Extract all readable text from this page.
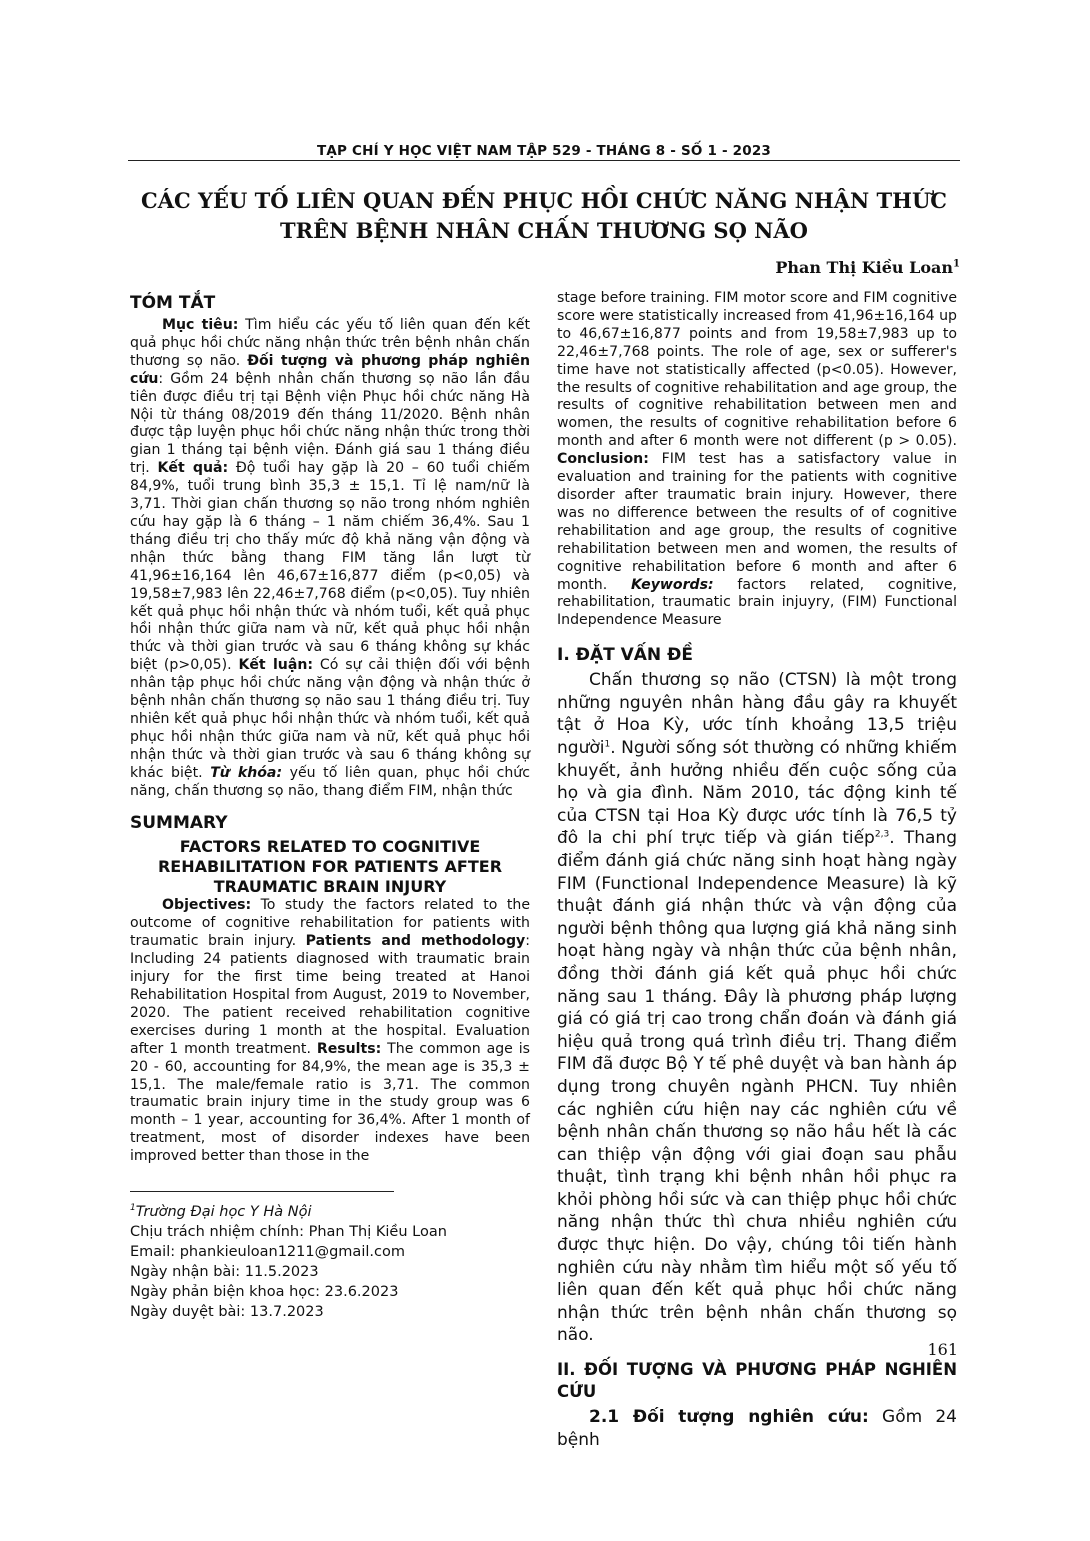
TẠP CHÍ Y HỌC VIỆT NAM TẬP 529 - THÁNG 8 - SỐ 1 - 2023
CÁC YẾU TỐ LIÊN QUAN ĐẾN PHỤC HỒI CHỨC NĂNG NHẬN THỨC
TRÊN BỆNH NHÂN CHẤN THƯƠNG SỌ NÃO
Phan Thị Kiều Loan$^1$
TÓM TẮT

Mục tiêu: Tìm hiểu các yếu tố liên quan đến kết quả phục hồi chức năng nhận thức trên bệnh nhân chấn thương sọ não. Đối tượng và phương pháp nghiên cứu: Gồm 24 bệnh nhân chấn thương sọ não lần đầu tiên được điều trị tại Bệnh viện Phục hồi chức năng Hà Nội từ tháng 08/2019 đến tháng 11/2020. Bệnh nhân được tập luyện phục hồi chức năng nhận thức trong thời gian 1 tháng tại bệnh viện. Đánh giá sau 1 tháng điều trị. Kết quả: Độ tuổi hay gặp là 20 – 60 tuổi chiếm 84,9%, tuổi trung bình 35,3 ± 15,1. Tỉ lệ nam/nữ là 3,71. Thời gian chấn thương sọ não trong nhóm nghiên cứu hay gặp là 6 tháng – 1 năm chiếm 36,4%. Sau 1 tháng điều trị cho thấy mức độ khả năng vận động và nhận thức bằng thang FIM tăng lần lượt từ 41,96±16,164 lên 46,67±16,877 điểm (p<0,05) và 19,58±7,983 lên 22,46±7,768 điểm (p<0,05). Tuy nhiên kết quả phục hồi nhận thức và nhóm tuổi, kết quả phục hồi nhận thức giữa nam và nữ, kết quả phục hồi nhận thức và thời gian trước và sau 6 tháng không sự khác biệt (p>0,05). Kết luận: Có sự cải thiện đối với bệnh nhân tập phục hồi chức năng vận động và nhận thức ở bệnh nhân chấn thương sọ não sau 1 tháng điều trị. Tuy nhiên kết quả phục hồi nhận thức và nhóm tuổi, kết quả phục hồi nhận thức giữa nam và nữ, kết quả phục hồi nhận thức và thời gian trước và sau 6 tháng không sự khác biệt. Từ khóa: yếu tố liên quan, phục hồi chức năng, chấn thương sọ não, thang điểm FIM, nhận thức

SUMMARY

FACTORS RELATED TO COGNITIVE

REHABILITATION FOR PATIENTS AFTER

TRAUMATIC BRAIN INJURY

Objectives: To study the factors related to the outcome of cognitive rehabilitation for patients with traumatic brain injury. Patients and methodology: Including 24 patients diagnosed with traumatic brain injury for the first time being treated at Hanoi Rehabilitation Hospital from August, 2019 to November, 2020. The patient received rehabilitation cognitive exercises during 1 month at the hospital. Evaluation after 1 month treatment. Results: The common age is 20 - 60, accounting for 84,9%, the mean age is 35,3 ± 15,1. The male/female ratio is 3,71. The common traumatic brain injury time in the study group was 6 month – 1 year, accounting for 36,4%. After 1 month of treatment, most of disorder indexes have been improved better than those in the

$^1$Trường Đại học Y Hà Nội
Chịu trách nhiệm chính: Phan Thị Kiều Loan
Email: phankieuloan1211@gmail.com
Ngày nhận bài: 11.5.2023
Ngày phản biện khoa học: 23.6.2023
Ngày duyệt bài: 13.7.2023

stage before training. FIM motor score and FIM cognitive score were statistically increased from 41,96±16,164 up to 46,67±16,877 points and from 19,58±7,983 up to 22,46±7,768 points. The role of age, sex or sufferer's time have not statistically affected (p<0.05). However, the results of cognitive rehabilitation and age group, the results of cognitive rehabilitation between men and women, the results of cognitive rehabilitation before 6 month and after 6 month were not different (p > 0.05). Conclusion: FIM test has a satisfactory value in evaluation and training for the patients with cognitive disorder after traumatic brain injury. However, there was no difference between the results of of cognitive rehabilitation and age group, the results of cognitive rehabilitation between men and women, the results of cognitive rehabilitation before 6 month and after 6 month. Keywords: factors related, cognitive, rehabilitation, traumatic brain injuyry, (FIM) Functional Independence Measure

I. ĐẶT VẤN ĐỀ

Chấn thương sọ não (CTSN) là một trong những nguyên nhân hàng đầu gây ra khuyết tật ở Hoa Kỳ, ước tính khoảng 13,5 triệu người$^1$. Người sống sót thường có những khiếm khuyết, ảnh hưởng nhiều đến cuộc sống của họ và gia đình. Năm 2010, tác động kinh tế của CTSN tại Hoa Kỳ được ước tính là 76,5 tỷ đô la chi phí trực tiếp và gián tiếp$^{2,3}$. Thang điểm đánh giá chức năng sinh hoạt hàng ngày FIM (Functional Independence Measure) là kỹ thuật đánh giá nhận thức và vận động của người bệnh thông qua lượng giá khả năng sinh hoạt hàng ngày và nhận thức của bệnh nhân, đồng thời đánh giá kết quả phục hồi chức năng sau 1 tháng. Đây là phương pháp lượng giá có giá trị cao trong chẩn đoán và đánh giá hiệu quả trong quá trình điều trị. Thang điểm FIM đã được Bộ Y tế phê duyệt và ban hành áp dụng trong chuyên ngành PHCN. Tuy nhiên các nghiên cứu hiện nay các nghiên cứu về bệnh nhân chấn thương sọ não hầu hết là các can thiệp vận động với giai đoạn sau phẫu thuật, tình trạng khi bệnh nhân hồi phục ra khỏi phòng hồi sức và can thiệp phục hồi chức năng nhận thức thì chưa nhiều nghiên cứu được thực hiện. Do vậy, chúng tôi tiến hành nghiên cứu này nhằm tìm hiểu một số yếu tố liên quan đến kết quả phục hồi chức năng nhận thức trên bệnh nhân chấn thương sọ não.

II. ĐỐI TƯỢNG VÀ PHƯƠNG PHÁP NGHIÊN CỨU

2.1 Đối tượng nghiên cứu: Gồm 24 bệnh

161
